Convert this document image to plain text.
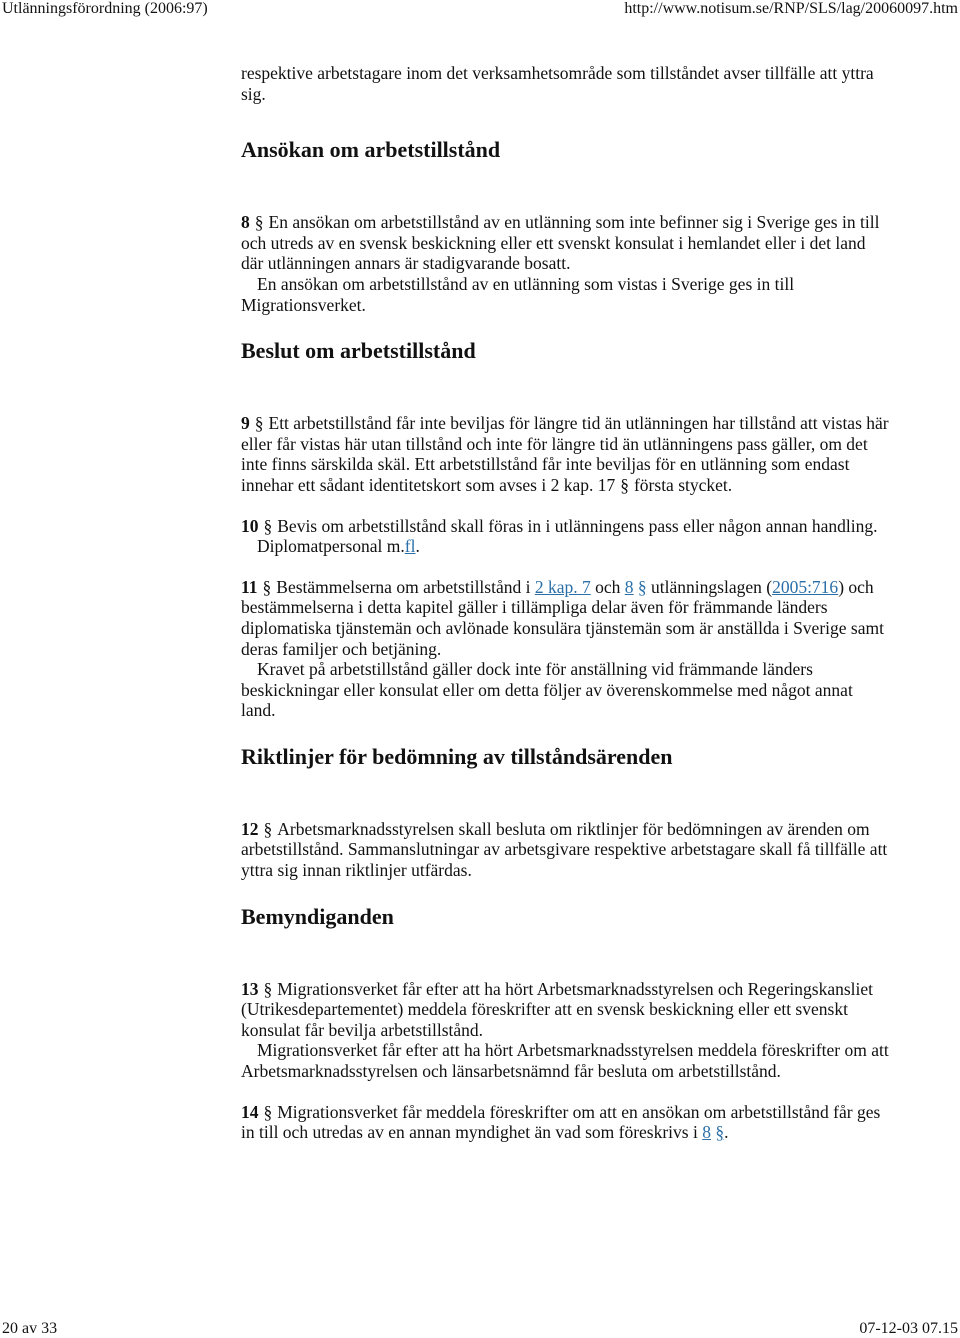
Utlänningsförordning (2006:97)	http://www.notisum.se/RNP/SLS/lag/20060097.htm

respektive arbetstagare inom det verksamhetsområde som tillståndet avser tillfälle att yttra sig.

Ansökan om arbetstillstånd

8 § En ansökan om arbetstillstånd av en utlänning som inte befinner sig i Sverige ges in till och utreds av en svensk beskickning eller ett svenskt konsulat i hemlandet eller i det land där utlänningen annars är stadigvarande bosatt.

En ansökan om arbetstillstånd av en utlänning som vistas i Sverige ges in till Migrationsverket.

Beslut om arbetstillstånd

9 § Ett arbetstillstånd får inte beviljas för längre tid än utlänningen har tillstånd att vistas här eller får vistas här utan tillstånd och inte för längre tid än utlänningens pass gäller, om det inte finns särskilda skäl. Ett arbetstillstånd får inte beviljas för en utlänning som endast innehar ett sådant identitetskort som avses i 2 kap. 17 § första stycket.

10 § Bevis om arbetstillstånd skall föras in i utlänningens pass eller någon annan handling.

Diplomatpersonal m.fl.

11 § Bestämmelserna om arbetstillstånd i 2 kap. 7 och 8 § utlänningslagen (2005:716) och bestämmelserna i detta kapitel gäller i tillämpliga delar även för främmande länders diplomatiska tjänstemän och avlönade konsulära tjänstemän som är anställda i Sverige samt deras familjer och betjäning.

Kravet på arbetstillstånd gäller dock inte för anställning vid främmande länders beskickningar eller konsulat eller om detta följer av överenskommelse med något annat land.

Riktlinjer för bedömning av tillståndsärenden

12 § Arbetsmarknadsstyrelsen skall besluta om riktlinjer för bedömningen av ärenden om arbetstillstånd. Sammanslutningar av arbetsgivare respektive arbetstagare skall få tillfälle att yttra sig innan riktlinjer utfärdas.

Bemyndiganden

13 § Migrationsverket får efter att ha hört Arbetsmarknadsstyrelsen och Regeringskansliet (Utrikesdepartementet) meddela föreskrifter att en svensk beskickning eller ett svenskt konsulat får bevilja arbetstillstånd.

Migrationsverket får efter att ha hört Arbetsmarknadsstyrelsen meddela föreskrifter om att Arbetsmarknadsstyrelsen och länsarbetsnämnd får besluta om arbetstillstånd.

14 § Migrationsverket får meddela föreskrifter om att en ansökan om arbetstillstånd får ges in till och utredas av en annan myndighet än vad som föreskrivs i 8 §.

20 av 33	07-12-03 07.15
